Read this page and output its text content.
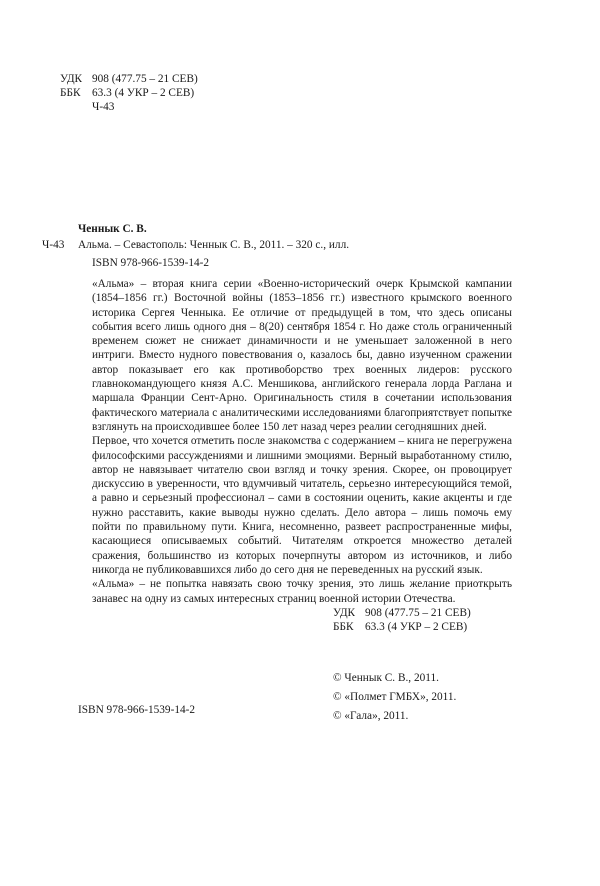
УДК 908 (477.75 – 21 СЕВ)
ББК	63.3 (4 УКР – 2 СЕВ)
Ч-43
Ченнык С. В.
Ч-43 Альма. – Севастополь: Ченнык С. В., 2011. – 320 с., илл.
ISBN 978-966-1539-14-2

«Альма» – вторая книга серии «Военно-исторический очерк Крымской кампании (1854–1856 гг.) Восточной войны (1853–1856 гг.) известного крымского военного историка Сергея Ченныка. Ее отличие от предыдущей в том, что здесь описаны события всего лишь одного дня – 8(20) сентября 1854 г. Но даже столь ограниченный временем сюжет не снижает динамичности и не уменьшает заложенной в него интриги. Вместо нудного повествования о, казалось бы, давно изученном сражении автор показывает его как противоборство трех военных лидеров: русского главнокомандующего князя А.С. Меншикова, английского генерала лорда Раглана и маршала Франции Сент-Арно. Оригинальность стиля в сочетании использования фактического материала с аналитическими исследованиями благоприятствует попытке взглянуть на происходившее более 150 лет назад через реалии сегодняшних дней.

Первое, что хочется отметить после знакомства с содержанием – книга не перегружена философскими рассуждениями и лишними эмоциями. Верный выработанному стилю, автор не навязывает читателю свои взгляд и точку зрения. Скорее, он провоцирует дискуссию в уверенности, что вдумчивый читатель, серьезно интересующийся темой, а равно и серьезный профессионал – сами в состоянии оценить, какие акценты и где нужно расставить, какие выводы нужно сделать. Дело автора – лишь помочь ему пойти по правильному пути. Книга, несомненно, развеет распространенные мифы, касающиеся описываемых событий. Читателям откроется множество деталей сражения, большинство из которых почерпнуты автором из источников, и либо никогда не публиковавшихся либо до сего дня не переведенных на русский язык.

«Альма» – не попытка навязать свою точку зрения, это лишь желание приоткрыть занавес на одну из самых интересных страниц военной истории Отечества.

УДК 908 (477.75 – 21 СЕВ)
ББК	63.3 (4 УКР – 2 СЕВ)
© Ченнык С. В., 2011.
© «Полмет ГМБХ», 2011.
© «Гала», 2011.
ISBN 978-966-1539-14-2
